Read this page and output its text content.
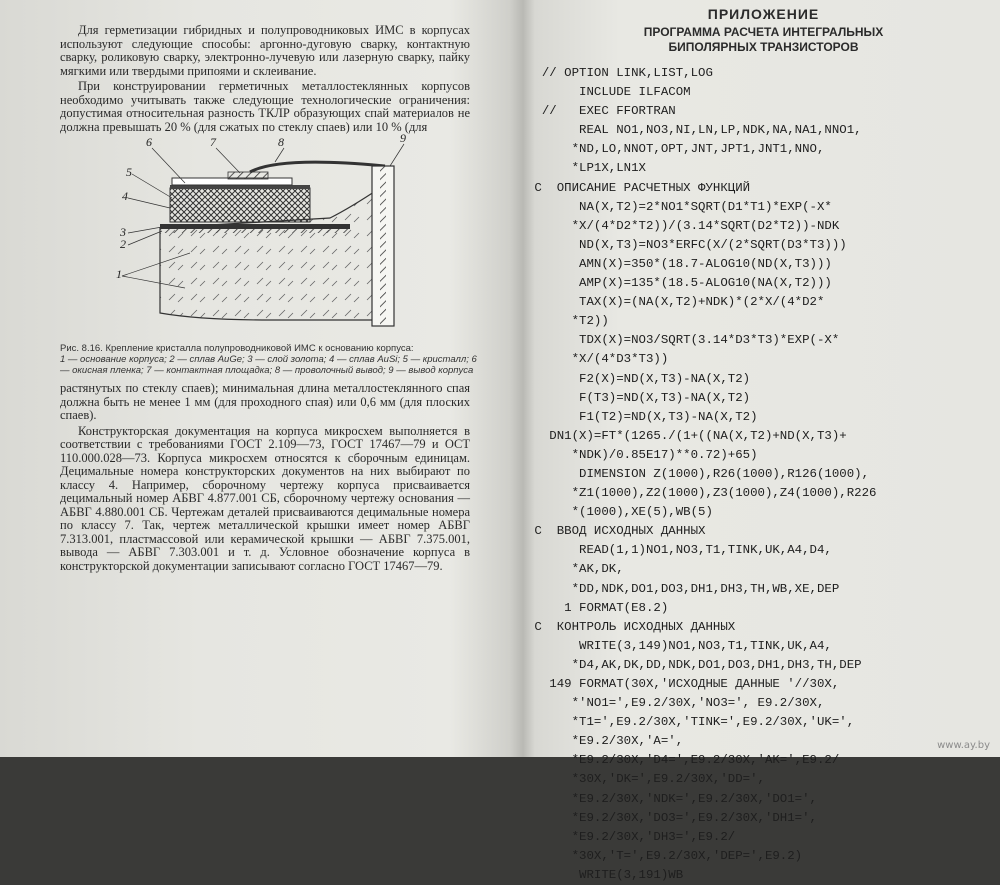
Для герметизации гибридных и полупроводниковых ИМС в корпусах используют следующие способы: аргонно-дуговую сварку, контактную сварку, роликовую сварку, электронно-лучевую или лазерную сварку, пайку мягкими или твердыми припоями и склеивание.

При конструировании герметичных металлостеклянных корпусов необходимо учитывать также следующие технологические ограничения: допустимая относительная разность ТКЛР образующих спай материалов не должна превышать 20 % (для сжатых по стеклу спаев) или 10 % (для

6	7	8	9
5
4
3
2
1
Рис. 8.16. Крепление кристалла полупроводниковой ИМС к основанию корпуса:
1 — основание корпуса; 2 — сплав AuGe; 3 — слой золота; 4 — сплав AuSi; 5 — кристалл; 6 — окисная пленка; 7 — контактная площадка; 8 — проволочный вывод; 9 — вывод корпуса

растянутых по стеклу спаев); минимальная длина металлостеклянного спая должна быть не менее 1 мм (для проходного спая) или 0,6 мм (для плоских спаев).

Конструкторская документация на корпуса микросхем выполняется в соответствии с требованиями ГОСТ 2.109—73, ГОСТ 17467—79 и ОСТ 110.000.028—73. Корпуса микросхем относятся к сборочным единицам. Децимальные номера конструкторских документов на них выбирают по классу 4. Например, сборочному чертежу корпуса присваивается децимальный номер АБВГ 4.877.001 СБ, сборочному чертежу основания — АБВГ 4.880.001 СБ. Чертежам деталей присваиваются децимальные номера по классу 7. Так, чертеж металлической крышки имеет номер АБВГ 7.313.001, пластмассовой или керамической крышки — АБВГ 7.375.001, вывода — АБВГ 7.303.001 и т. д. Условное обозначение корпуса в конструкторской документации записывают согласно ГОСТ 17467—79.

ПРИЛОЖЕНИЕ
ПРОГРАММА РАСЧЕТА ИНТЕГРАЛЬНЫХ
БИПОЛЯРНЫХ ТРАНЗИСТОРОВ
// OPTION LINK,LIST,LOG
INCLUDE ILFACOM
//   EXEC FFORTRAN
REAL NO1,NO3,NI,LN,LP,NDK,NA,NA1,NNO1,
*ND,LO,NNOT,OPT,JNT,JPT1,JNT1,NNO,
*LP1X,LN1X
C  ОПИСАНИЕ РАСЧЕТНЫХ ФУНКЦИЙ
NA(X,T2)=2*NO1*SQRT(D1*T1)*EXP(-X*
*X/(4*D2*T2))/(3.14*SQRT(D2*T2))-NDK
ND(X,T3)=NO3*ERFC(X/(2*SQRT(D3*T3)))
AMN(X)=350*(18.7-ALOG10(ND(X,T3)))
AMP(X)=135*(18.5-ALOG10(NA(X,T2)))
TAX(X)=(NA(X,T2)+NDK)*(2*X/(4*D2*
*T2))
TDX(X)=NO3/SQRT(3.14*D3*T3)*EXP(-X*
*X/(4*D3*T3))
F2(X)=ND(X,T3)-NA(X,T2)
F(T3)=ND(X,T3)-NA(X,T2)
F1(T2)=ND(X,T3)-NA(X,T2)
DN1(X)=FT*(1265./(1+((NA(X,T2)+ND(X,T3)+
*NDK)/0.85E17)**0.72)+65)
DIMENSION Z(1000),R26(1000),R126(1000),
*Z1(1000),Z2(1000),Z3(1000),Z4(1000),R226
*(1000),XE(5),WB(5)
C  ВВОД ИСХОДНЫХ ДАННЫХ
READ(1,1)NO1,NO3,T1,TINK,UK,A4,D4,
*AK,DK,
*DD,NDK,DO1,DO3,DH1,DH3,TH,WB,XE,DEP
1 FORMAT(E8.2)
C  КОНТРОЛЬ ИСХОДНЫХ ДАННЫХ
WRITE(3,149)NO1,NO3,T1,TINK,UK,A4,
*D4,AK,DK,DD,NDK,DO1,DO3,DH1,DH3,TH,DEP
149 FORMAT(30X,'ИСХОДНЫЕ ДАННЫЕ '//30X,
*'NO1=',E9.2/30X,'NO3=', E9.2/30X,
*T1=',E9.2/30X,'TINK=',E9.2/30X,'UK=',
*E9.2/30X,'A=',
*E9.2/30X,'D4=',E9.2/30X,'AK=',E9.2/
*30X,'DK=',E9.2/30X,'DD=',
*E9.2/30X,'NDK=',E9.2/30X,'DO1=',
*E9.2/30X,'DO3=',E9.2/30X,'DH1=',
*E9.2/30X,'DH3=',E9.2/
*30X,'T=',E9.2/30X,'DEP=',E9.2)
WRITE(3,191)WB
www.ay.by
